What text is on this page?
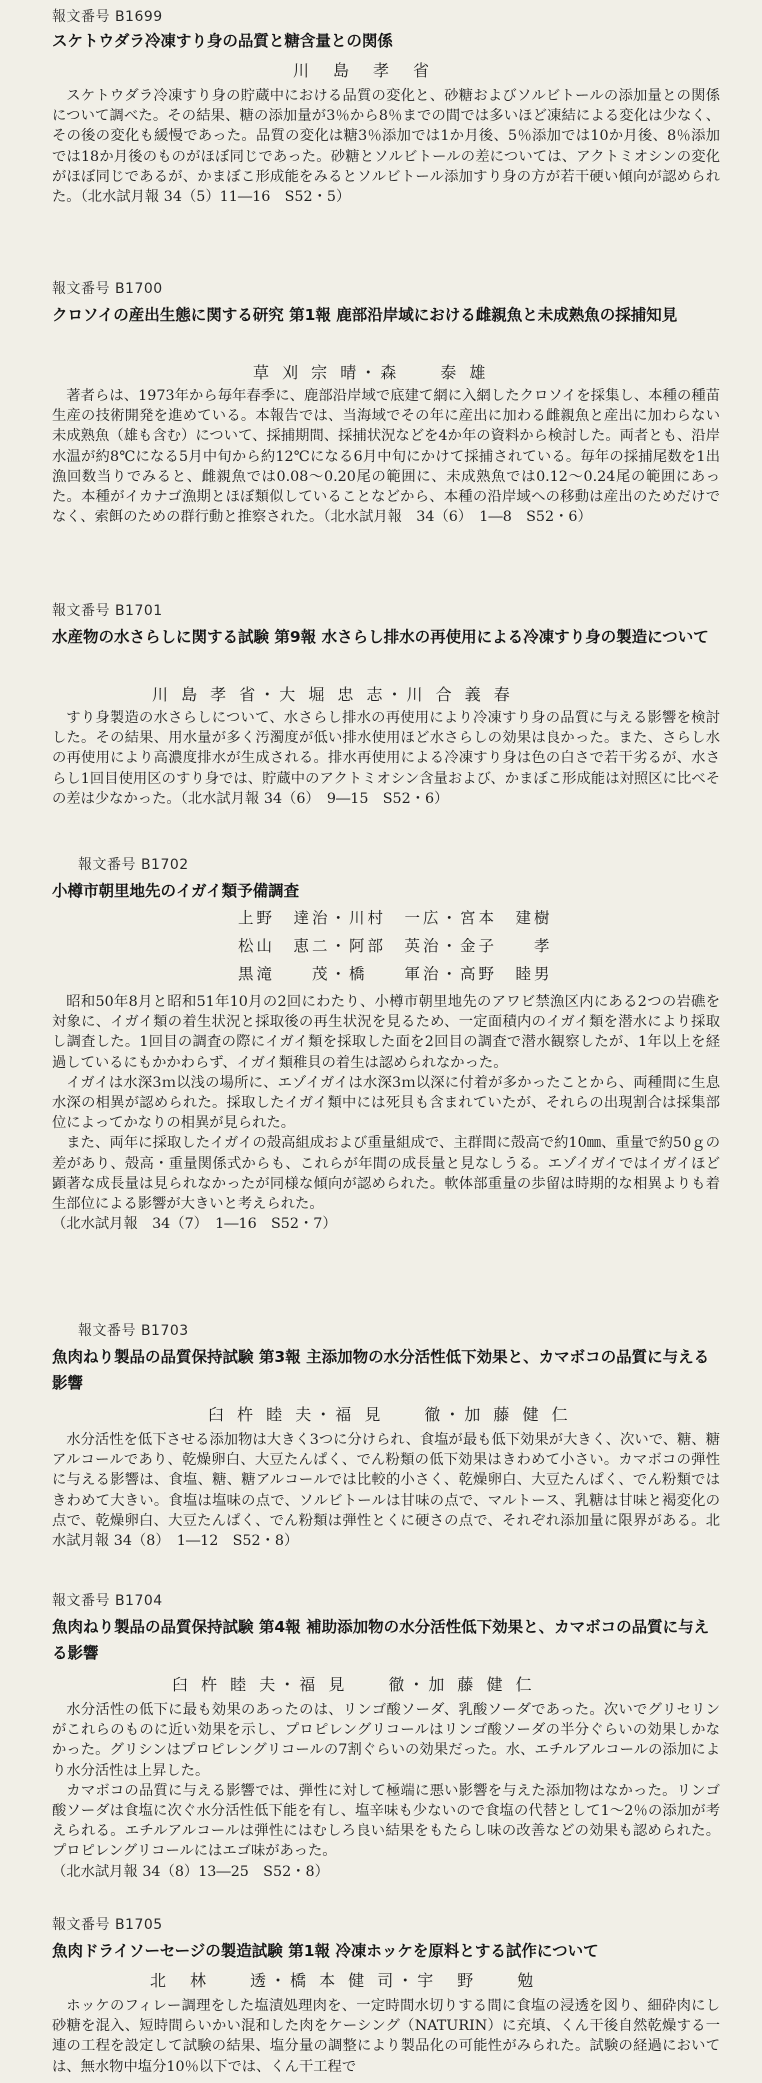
報文番号 B1699
スケトウダラ冷凍すり身の品質と糖含量との関係
川　島　孝　省

スケトウダラ冷凍すり身の貯蔵中における品質の変化と、砂糖およびソルビトールの添加量との関係について調べた。その結果、糖の添加量が3％から8％までの間では多いほど凍結による変化は少なく、その後の変化も緩慢であった。品質の変化は糖3％添加では1か月後、5％添加では10か月後、8％添加では18か月後のものがほぼ同じであった。砂糖とソルビトールの差については、アクトミオシンの変化がほぼ同じであるが、かまぼこ形成能をみるとソルビトール添加すり身の方が若干硬い傾向が認められた。（北水試月報 34（5）11―16　S52・5）

報文番号 B1700
クロソイの産出生態に関する研究 第1報 鹿部沿岸域における雌親魚と未成熟魚の採捕知見
草 刈 宗 晴・森　　泰 雄

著者らは、1973年から毎年春季に、鹿部沿岸域で底建て網に入網したクロソイを採集し、本種の種苗生産の技術開発を進めている。本報告では、当海域でその年に産出に加わる雌親魚と産出に加わらない未成熟魚（雄も含む）について、採捕期間、採捕状況などを4か年の資料から検討した。両者とも、沿岸水温が約8℃になる5月中旬から約12℃になる6月中旬にかけて採捕されている。毎年の採捕尾数を1出漁回数当りでみると、雌親魚では0.08～0.20尾の範囲に、未成熟魚では0.12～0.24尾の範囲にあった。本種がイカナゴ漁期とほぼ類似していることなどから、本種の沿岸域への移動は産出のためだけでなく、索餌のための群行動と推察された。（北水試月報　34（6）　1―8　S52・6）

報文番号 B1701
水産物の水さらしに関する試験 第9報 水さらし排水の再使用による冷凍すり身の製造について
川 島 孝 省・大 堀 忠 志・川 合 義 春

すり身製造の水さらしについて、水さらし排水の再使用により冷凍すり身の品質に与える影響を検討した。その結果、用水量が多く汚濁度が低い排水使用ほど水さらしの効果は良かった。また、さらし水の再使用により高濃度排水が生成される。排水再使用による冷凍すり身は色の白さで若干劣るが、水さらし1回目使用区のすり身では、貯蔵中のアクトミオシン含量および、かまぼこ形成能は対照区に比べその差は少なかった。（北水試月報 34（6）　9―15　S52・6）

報文番号 B1702
小樽市朝里地先のイガイ類予備調査
上野　達治・川村　一広・宮本　建樹
松山　恵二・阿部　英治・金子　　孝
黒滝　　茂・橋　　軍治・高野　睦男

昭和50年8月と昭和51年10月の2回にわたり、小樽市朝里地先のアワビ禁漁区内にある2つの岩礁を対象に、イガイ類の着生状況と採取後の再生状況を見るため、一定面積内のイガイ類を潜水により採取し調査した。1回目の調査の際にイガイ類を採取した面を2回目の調査で潜水観察したが、1年以上を経過しているにもかかわらず、イガイ類稚貝の着生は認められなかった。

イガイは水深3ｍ以浅の場所に、エゾイガイは水深3ｍ以深に付着が多かったことから、両種間に生息水深の相異が認められた。採取したイガイ類中には死貝も含まれていたが、それらの出現割合は採集部位によってかなりの相異が見られた。

また、両年に採取したイガイの殻高組成および重量組成で、主群間に殻高で約10㎜、重量で約50ｇの差があり、殻高・重量関係式からも、これらが年間の成長量と見なしうる。エゾイガイではイガイほど顕著な成長量は見られなかったが同様な傾向が認められた。軟体部重量の歩留は時期的な相異よりも着生部位による影響が大きいと考えられた。

（北水試月報　34（7）　1―16　S52・7）

報文番号 B1703
魚肉ねり製品の品質保持試験 第3報 主添加物の水分活性低下効果と、カマボコの品質に与える影響
臼 杵 睦 夫・福 見　　徹・加 藤 健 仁

水分活性を低下させる添加物は大きく3つに分けられ、食塩が最も低下効果が大きく、次いで、糖、糖アルコールであり、乾燥卵白、大豆たんぱく、でん粉類の低下効果はきわめて小さい。カマボコの弾性に与える影響は、食塩、糖、糖アルコールでは比較的小さく、乾燥卵白、大豆たんぱく、でん粉類ではきわめて大きい。食塩は塩味の点で、ソルビトールは甘味の点で、マルトース、乳糖は甘味と褐変化の点で、乾燥卵白、大豆たんぱく、でん粉類は弾性とくに硬さの点で、それぞれ添加量に限界がある。北水試月報 34（8）　1―12　S52・8）

報文番号 B1704
魚肉ねり製品の品質保持試験 第4報 補助添加物の水分活性低下効果と、カマボコの品質に与える影響
臼 杵 睦 夫・福 見　　徹・加 藤 健 仁

水分活性の低下に最も効果のあったのは、リンゴ酸ソーダ、乳酸ソーダであった。次いでグリセリンがこれらのものに近い効果を示し、プロピレングリコールはリンゴ酸ソーダの半分ぐらいの効果しかなかった。グリシンはプロピレングリコールの7割ぐらいの効果だった。水、エチルアルコールの添加により水分活性は上昇した。

カマボコの品質に与える影響では、弾性に対して極端に悪い影響を与えた添加物はなかった。リンゴ酸ソーダは食塩に次ぐ水分活性低下能を有し、塩辛味も少ないので食塩の代替として1～2％の添加が考えられる。エチルアルコールは弾性にはむしろ良い結果をもたらし味の改善などの効果も認められた。プロピレングリコールにはエゴ味があった。

（北水試月報 34（8）13―25　S52・8）

報文番号 B1705
魚肉ドライソーセージの製造試験 第1報 冷凍ホッケを原料とする試作について
北　林　　透・橋 本 健 司・宇　野　　勉

ホッケのフィレー調理をした塩漬処理肉を、一定時間水切りする間に食塩の浸透を図り、細砕肉にし砂糖を混入、短時間らいかい混和した肉をケーシング（NATURIN）に充填、くん干後自然乾燥する一連の工程を設定して試験の結果、塩分量の調整により製品化の可能性がみられた。試験の経過においては、無水物中塩分10％以下では、くん干工程で
